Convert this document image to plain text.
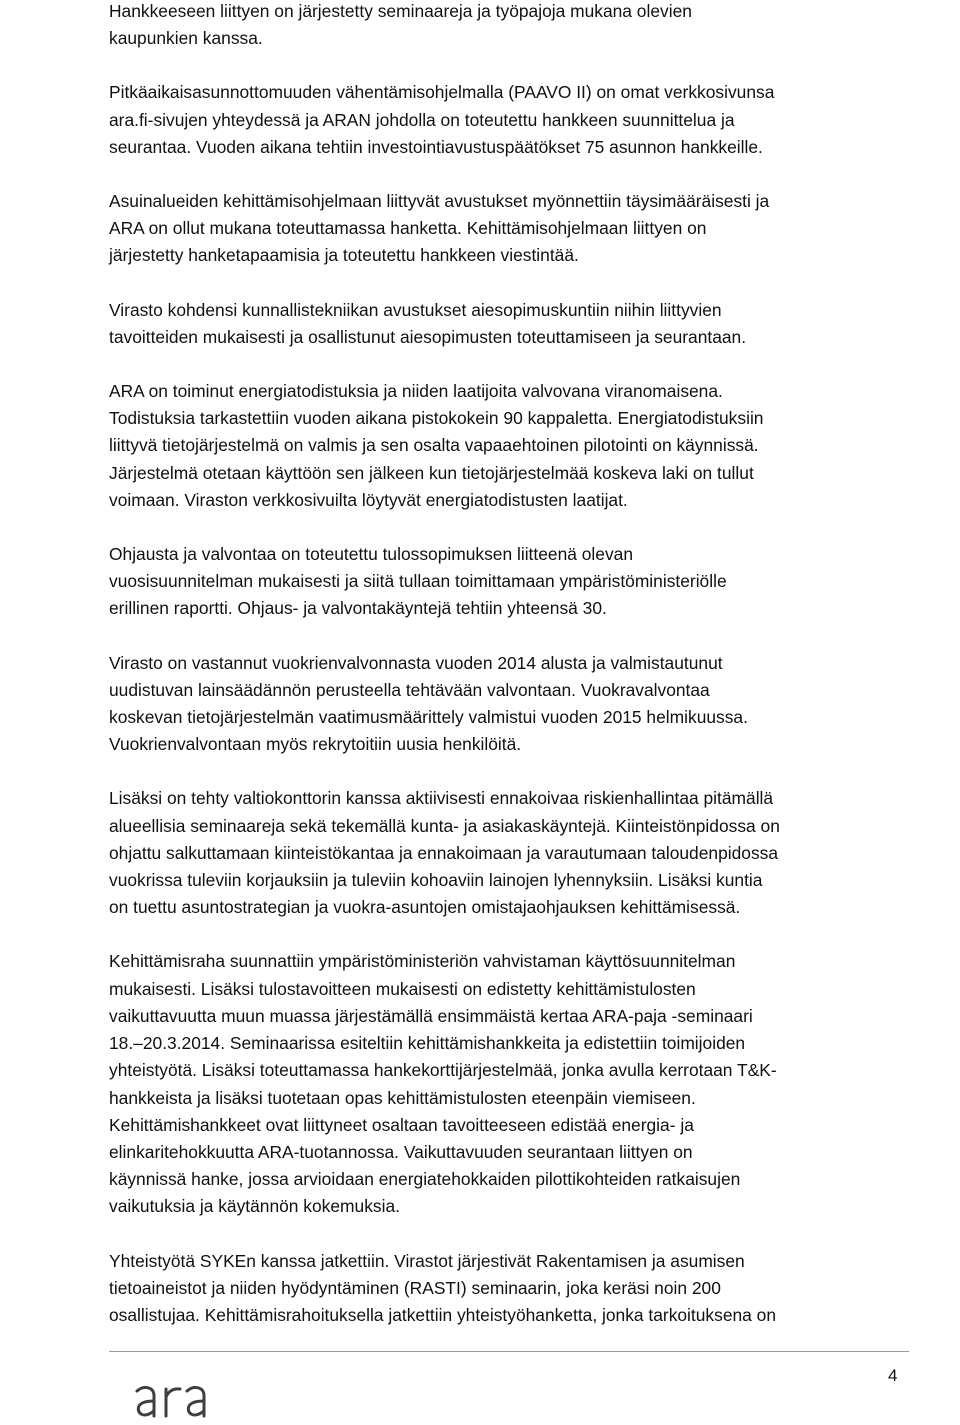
Hankkeeseen liittyen on järjestetty seminaareja ja työpajoja mukana olevien
kaupunkien kanssa.

Pitkäaikaisasunnottomuuden vähentämisohjelmalla (PAAVO II) on omat verkkosivunsa
ara.fi-sivujen yhteydessä ja ARAN johdolla on toteutettu hankkeen suunnittelua ja
seurantaa. Vuoden aikana tehtiin investointiavustuspäätökset 75 asunnon hankkeille.

Asuinalueiden kehittämisohjelmaan liittyvät avustukset myönnettiin täysimääräisesti ja
ARA on ollut mukana toteuttamassa hanketta. Kehittämisohjelmaan liittyen on
järjestetty hanketapaamisia ja toteutettu hankkeen viestintää.

Virasto kohdensi kunnallistekniikan avustukset aiesopimuskuntiin niihin liittyvien
tavoitteiden mukaisesti ja osallistunut aiesopimusten toteuttamiseen ja seurantaan.

ARA on toiminut energiatodistuksia ja niiden laatijoita valvovana viranomaisena.
Todistuksia tarkastettiin vuoden aikana pistokokein 90 kappaletta. Energiatodistuksiin
liittyvä tietojärjestelmä on valmis ja sen osalta vapaaehtoinen pilotointi on käynnissä.
Järjestelmä otetaan käyttöön sen jälkeen kun tietojärjestelmää koskeva laki on tullut
voimaan. Viraston verkkosivuilta löytyvät energiatodistusten laatijat.

Ohjausta ja valvontaa on toteutettu tulossopimuksen liitteenä olevan
vuosisuunnitelman mukaisesti ja siitä tullaan toimittamaan ympäristöministeriölle
erillinen raportti. Ohjaus- ja valvontakäyntejä tehtiin yhteensä 30.

Virasto on vastannut vuokrienvalvonnasta vuoden 2014 alusta ja valmistautunut
uudistuvan lainsäädännön perusteella tehtävään valvontaan. Vuokravalvontaa
koskevan tietojärjestelmän vaatimusmäärittely valmistui vuoden 2015 helmikuussa.
Vuokrienvalvontaan myös rekrytoitiin uusia henkilöitä.

Lisäksi on tehty valtiokonttorin kanssa aktiivisesti ennakoivaa riskienhallintaa pitämällä
alueellisia seminaareja sekä tekemällä kunta- ja asiakaskäyntejä. Kiinteistönpidossa on
ohjattu salkuttamaan kiinteistökantaa ja ennakoimaan ja varautumaan taloudenpidossa
vuokrissa tuleviin korjauksiin ja tuleviin kohoaviin lainojen lyhennyksiin. Lisäksi kuntia
on tuettu asuntostrategian ja vuokra-asuntojen omistajaohjauksen kehittämisessä.

Kehittämisraha suunnattiin ympäristöministeriön vahvistaman käyttösuunnitelman
mukaisesti. Lisäksi tulostavoitteen mukaisesti on edistetty kehittämistulosten
vaikuttavuutta muun muassa järjestämällä ensimmäistä kertaa ARA-paja -seminaari
18.–20.3.2014. Seminaarissa esiteltiin kehittämishankkeita ja edistettiin toimijoiden
yhteistyötä. Lisäksi toteuttamassa hankekorttijärjestelmää, jonka avulla kerrotaan T&K-
hankkeista ja lisäksi tuotetaan opas kehittämistulosten eteenpäin viemiseen.
Kehittämishankkeet ovat liittyneet osaltaan tavoitteeseen edistää energia- ja
elinkaritehokkuutta ARA-tuotannossa. Vaikuttavuuden seurantaan liittyen on
käynnissä hanke, jossa arvioidaan energiatehokkaiden pilottikohteiden ratkaisujen
vaikutuksia ja käytännön kokemuksia.

Yhteistyötä SYKEn kanssa jatkettiin. Virastot järjestivät Rakentamisen ja asumisen
tietoaineistot ja niiden hyödyntäminen (RASTI) seminaarin, joka keräsi noin 200
osallistujaa. Kehittämisrahoituksella jatkettiin yhteistyöhanketta, jonka tarkoituksena on

4
